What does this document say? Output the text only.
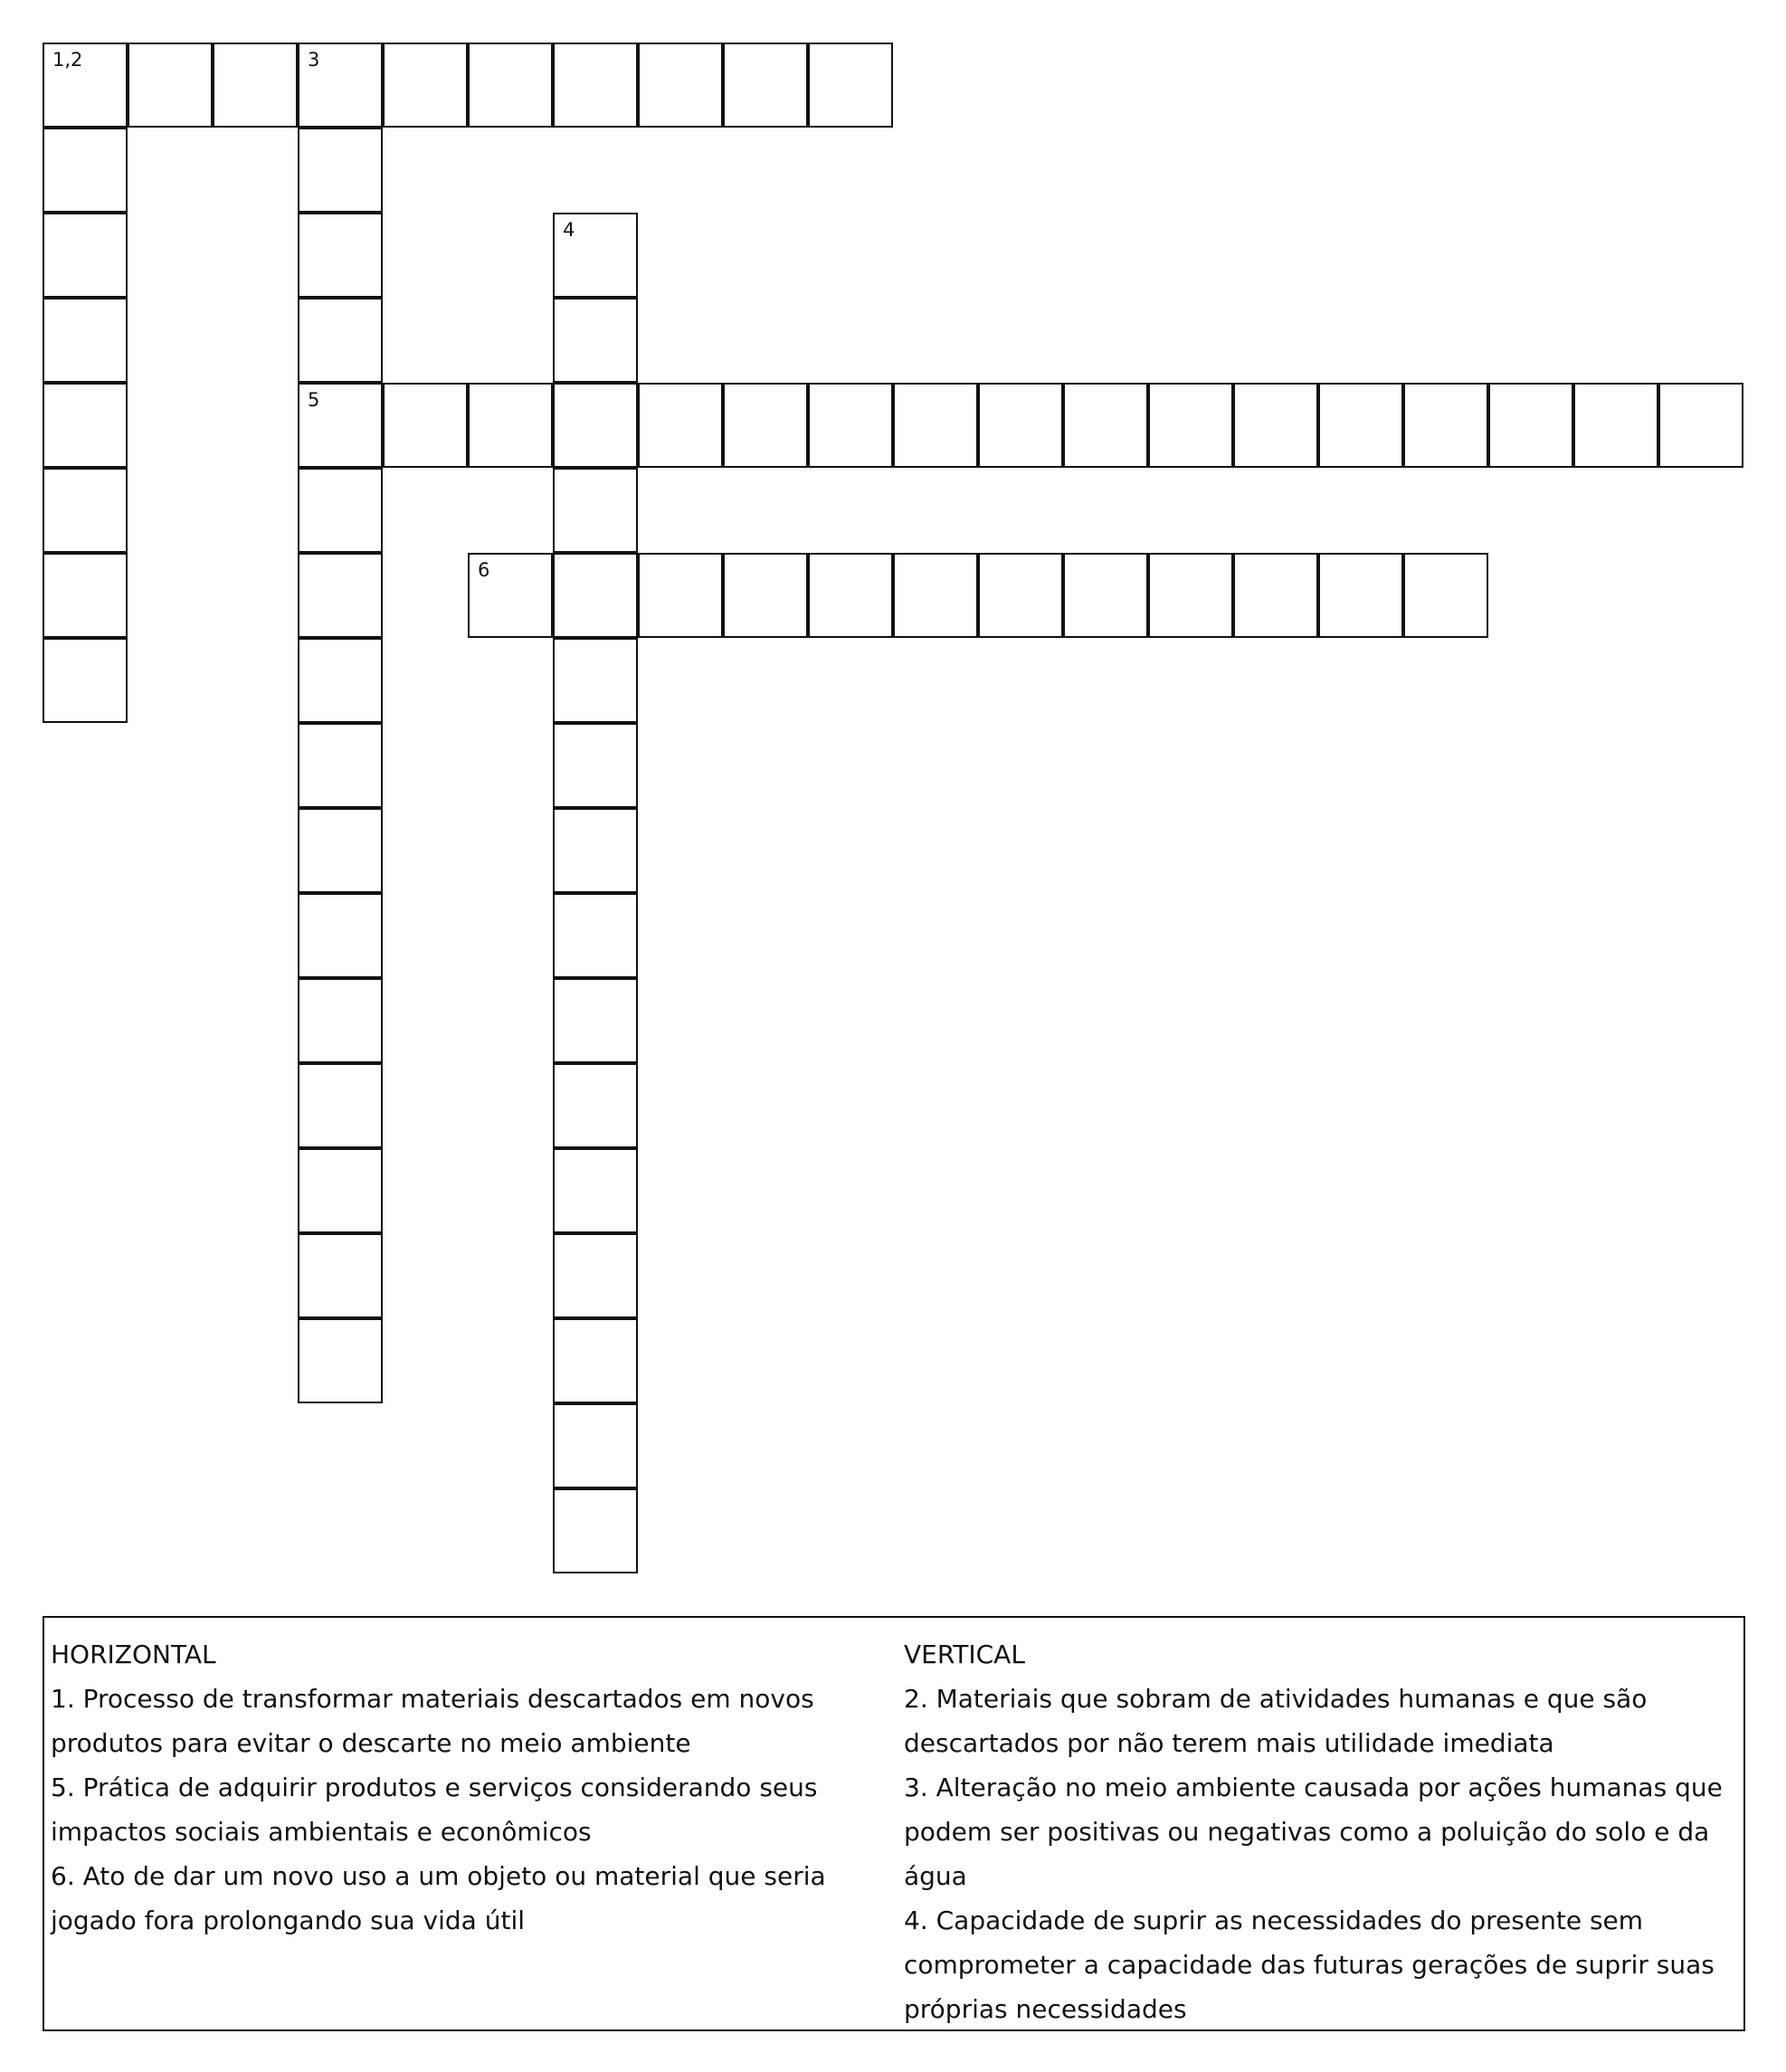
1,2	3
5
4
6
HORIZONTAL
1. Processo de transformar materiais descartados em novos produtos para evitar o descarte no meio ambiente
5. Prática de adquirir produtos e serviços considerando seus impactos sociais ambientais e econômicos
6. Ato de dar um novo uso a um objeto ou material que seria jogado fora prolongando sua vida útil
VERTICAL
2. Materiais que sobram de atividades humanas e que são descartados por não terem mais utilidade imediata
3. Alteração no meio ambiente causada por ações humanas que podem ser positivas ou negativas como a poluição do solo e da água
4. Capacidade de suprir as necessidades do presente sem comprometer a capacidade das futuras gerações de suprir suas próprias necessidades
